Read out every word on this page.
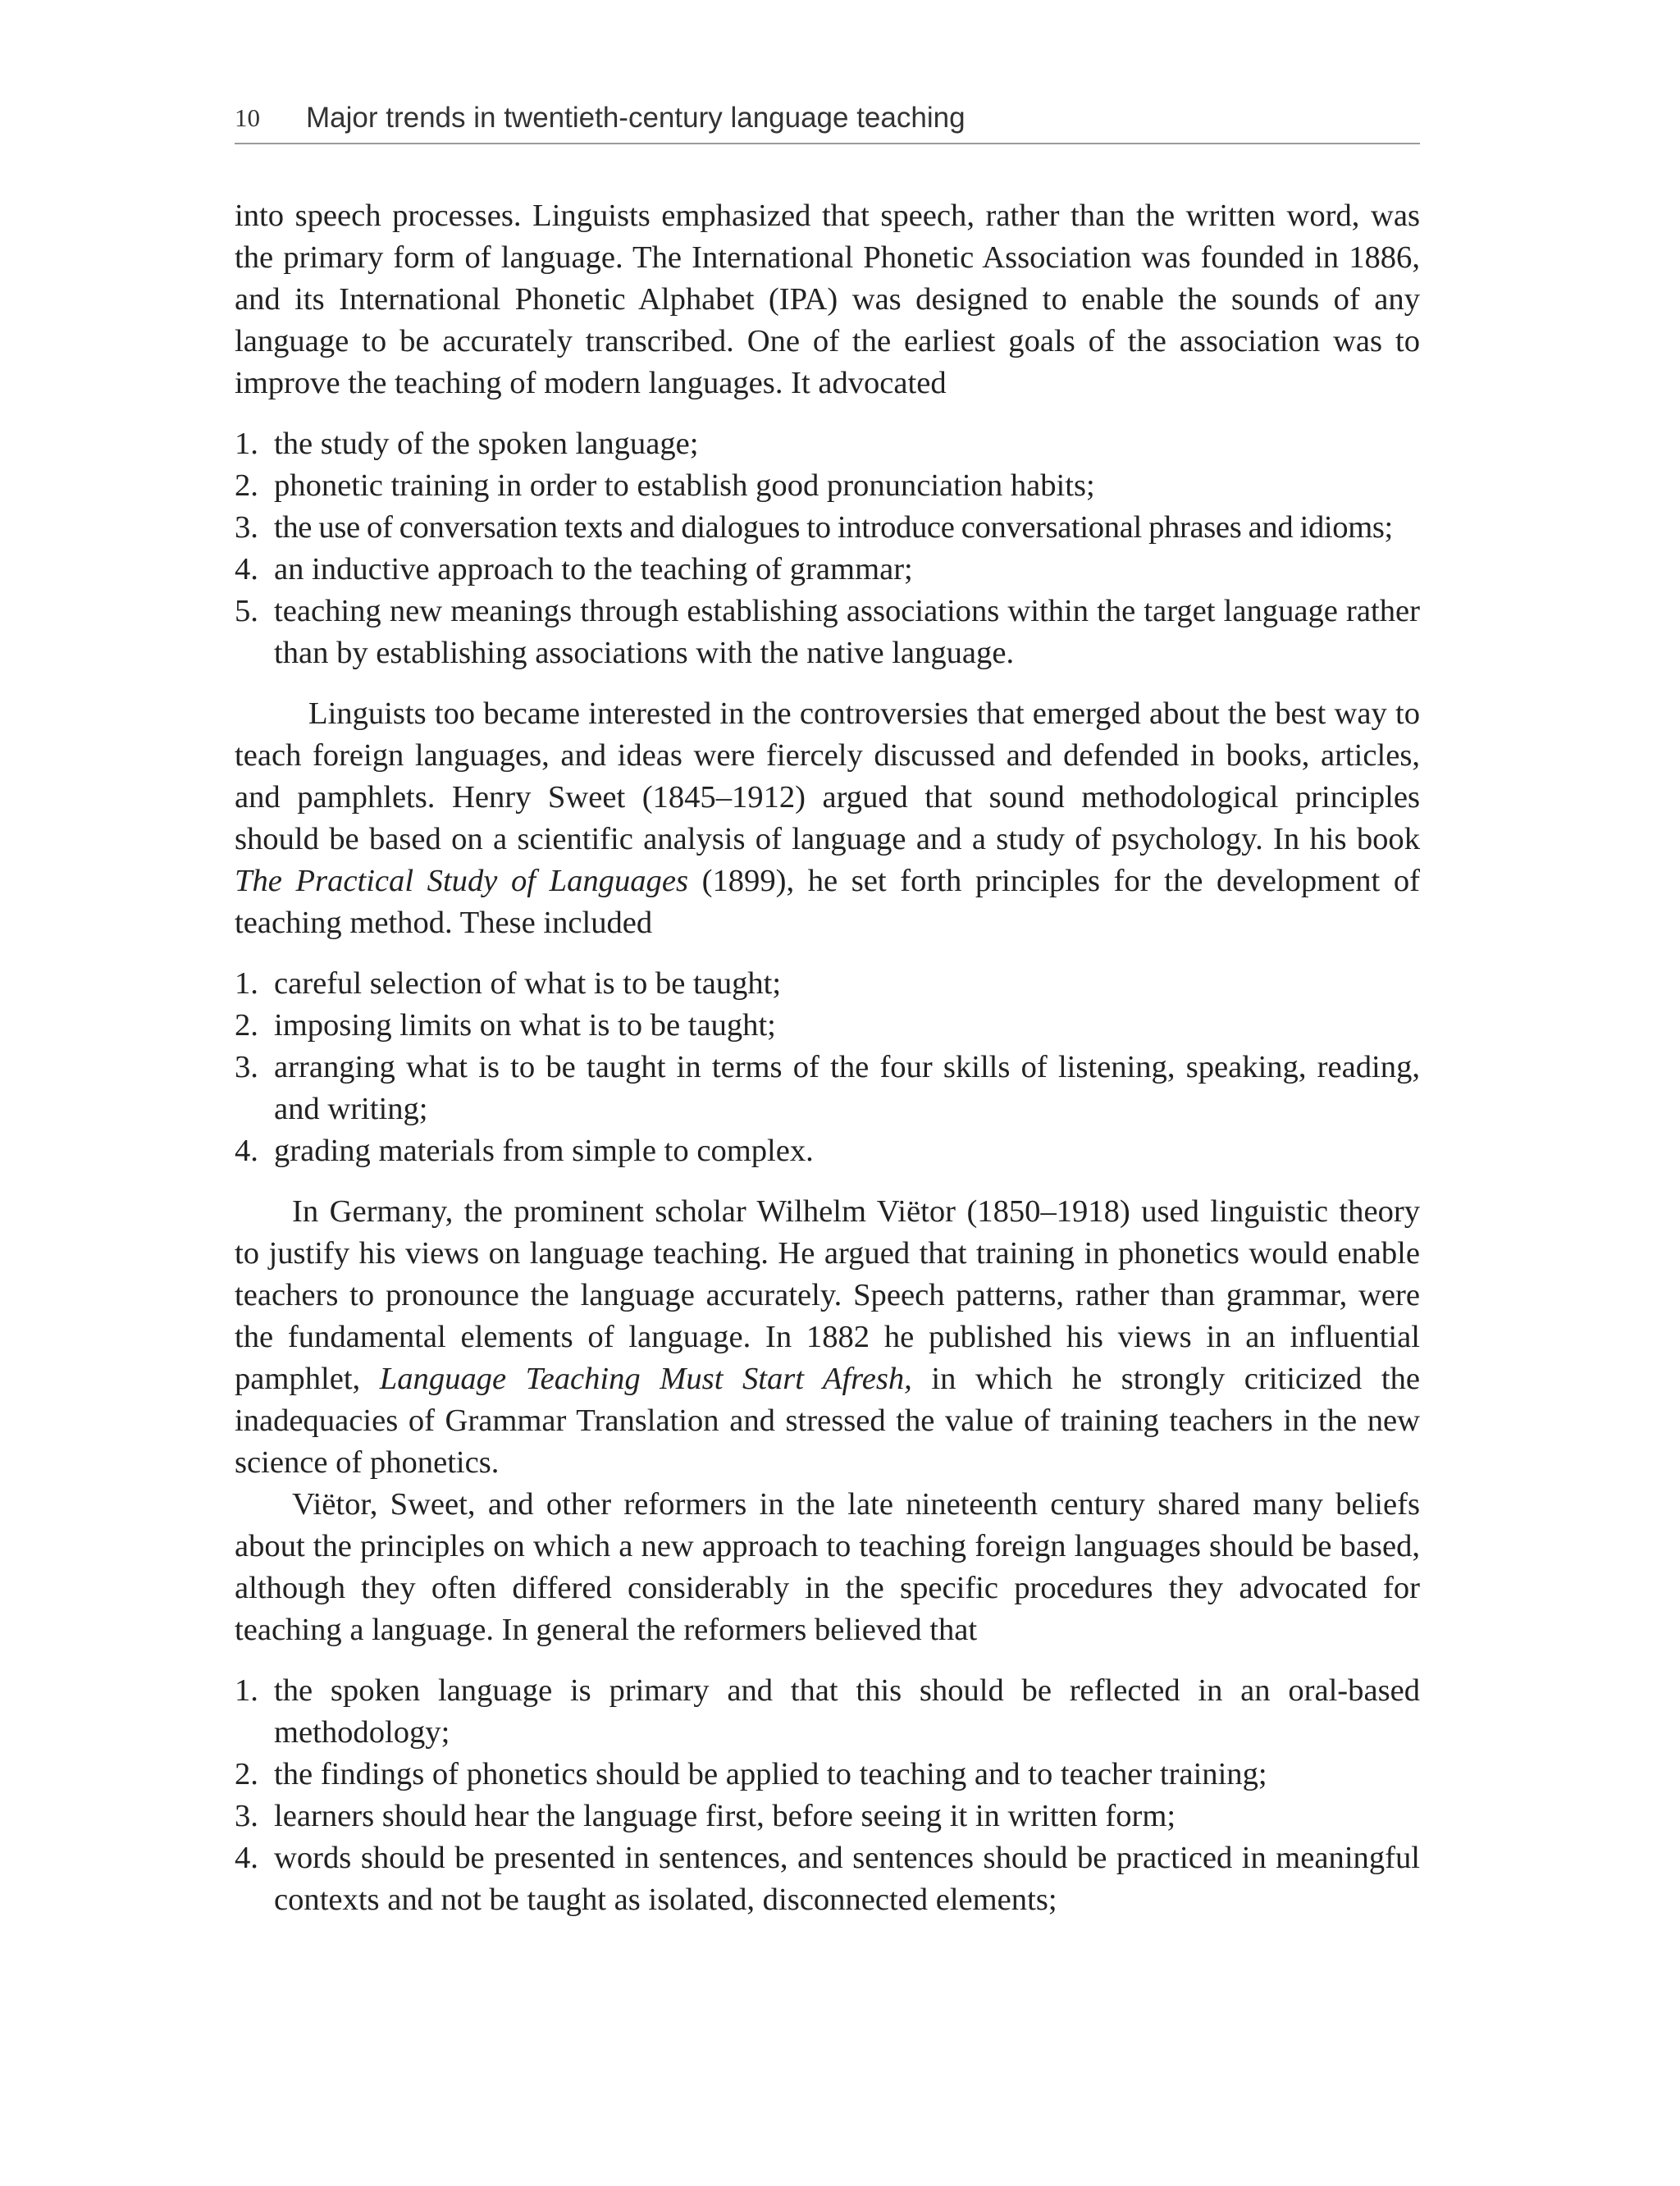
10 Major trends in twentieth-century language teaching

into speech processes. Linguists emphasized that speech, rather than the written word, was the primary form of language. The International Phonetic Association was founded in 1886, and its International Phonetic Alphabet (IPA) was designed to enable the sounds of any language to be accurately transcribed. One of the earliest goals of the association was to improve the teaching of modern languages. It advocated

1. the study of the spoken language;
2. phonetic training in order to establish good pronunciation habits;
3. the use of conversation texts and dialogues to introduce conversational phrases and idioms;
4. an inductive approach to the teaching of grammar;
5. teaching new meanings through establishing associations within the target language rather than by establishing associations with the native language.

Linguists too became interested in the controversies that emerged about the best way to teach foreign languages, and ideas were fiercely discussed and defended in books, articles, and pamphlets. Henry Sweet (1845–1912) argued that sound methodological principles should be based on a scientific analysis of language and a study of psychology. In his book The Practical Study of Languages (1899), he set forth principles for the development of teaching method. These included

1. careful selection of what is to be taught;
2. imposing limits on what is to be taught;
3. arranging what is to be taught in terms of the four skills of listening, speaking, reading, and writing;
4. grading materials from simple to complex.

In Germany, the prominent scholar Wilhelm Viëtor (1850–1918) used linguistic theory to justify his views on language teaching. He argued that training in phonetics would enable teachers to pronounce the language accurately. Speech patterns, rather than grammar, were the fundamental elements of language. In 1882 he published his views in an influential pamphlet, Language Teaching Must Start Afresh, in which he strongly criticized the inadequacies of Grammar Translation and stressed the value of training teachers in the new science of phonetics.

Viëtor, Sweet, and other reformers in the late nineteenth century shared many beliefs about the principles on which a new approach to teaching foreign languages should be based, although they often differed considerably in the specific procedures they advocated for teaching a language. In general the reformers believed that

1. the spoken language is primary and that this should be reflected in an oral-based methodology;
2. the findings of phonetics should be applied to teaching and to teacher training;
3. learners should hear the language first, before seeing it in written form;
4. words should be presented in sentences, and sentences should be practiced in meaningful contexts and not be taught as isolated, disconnected elements;
